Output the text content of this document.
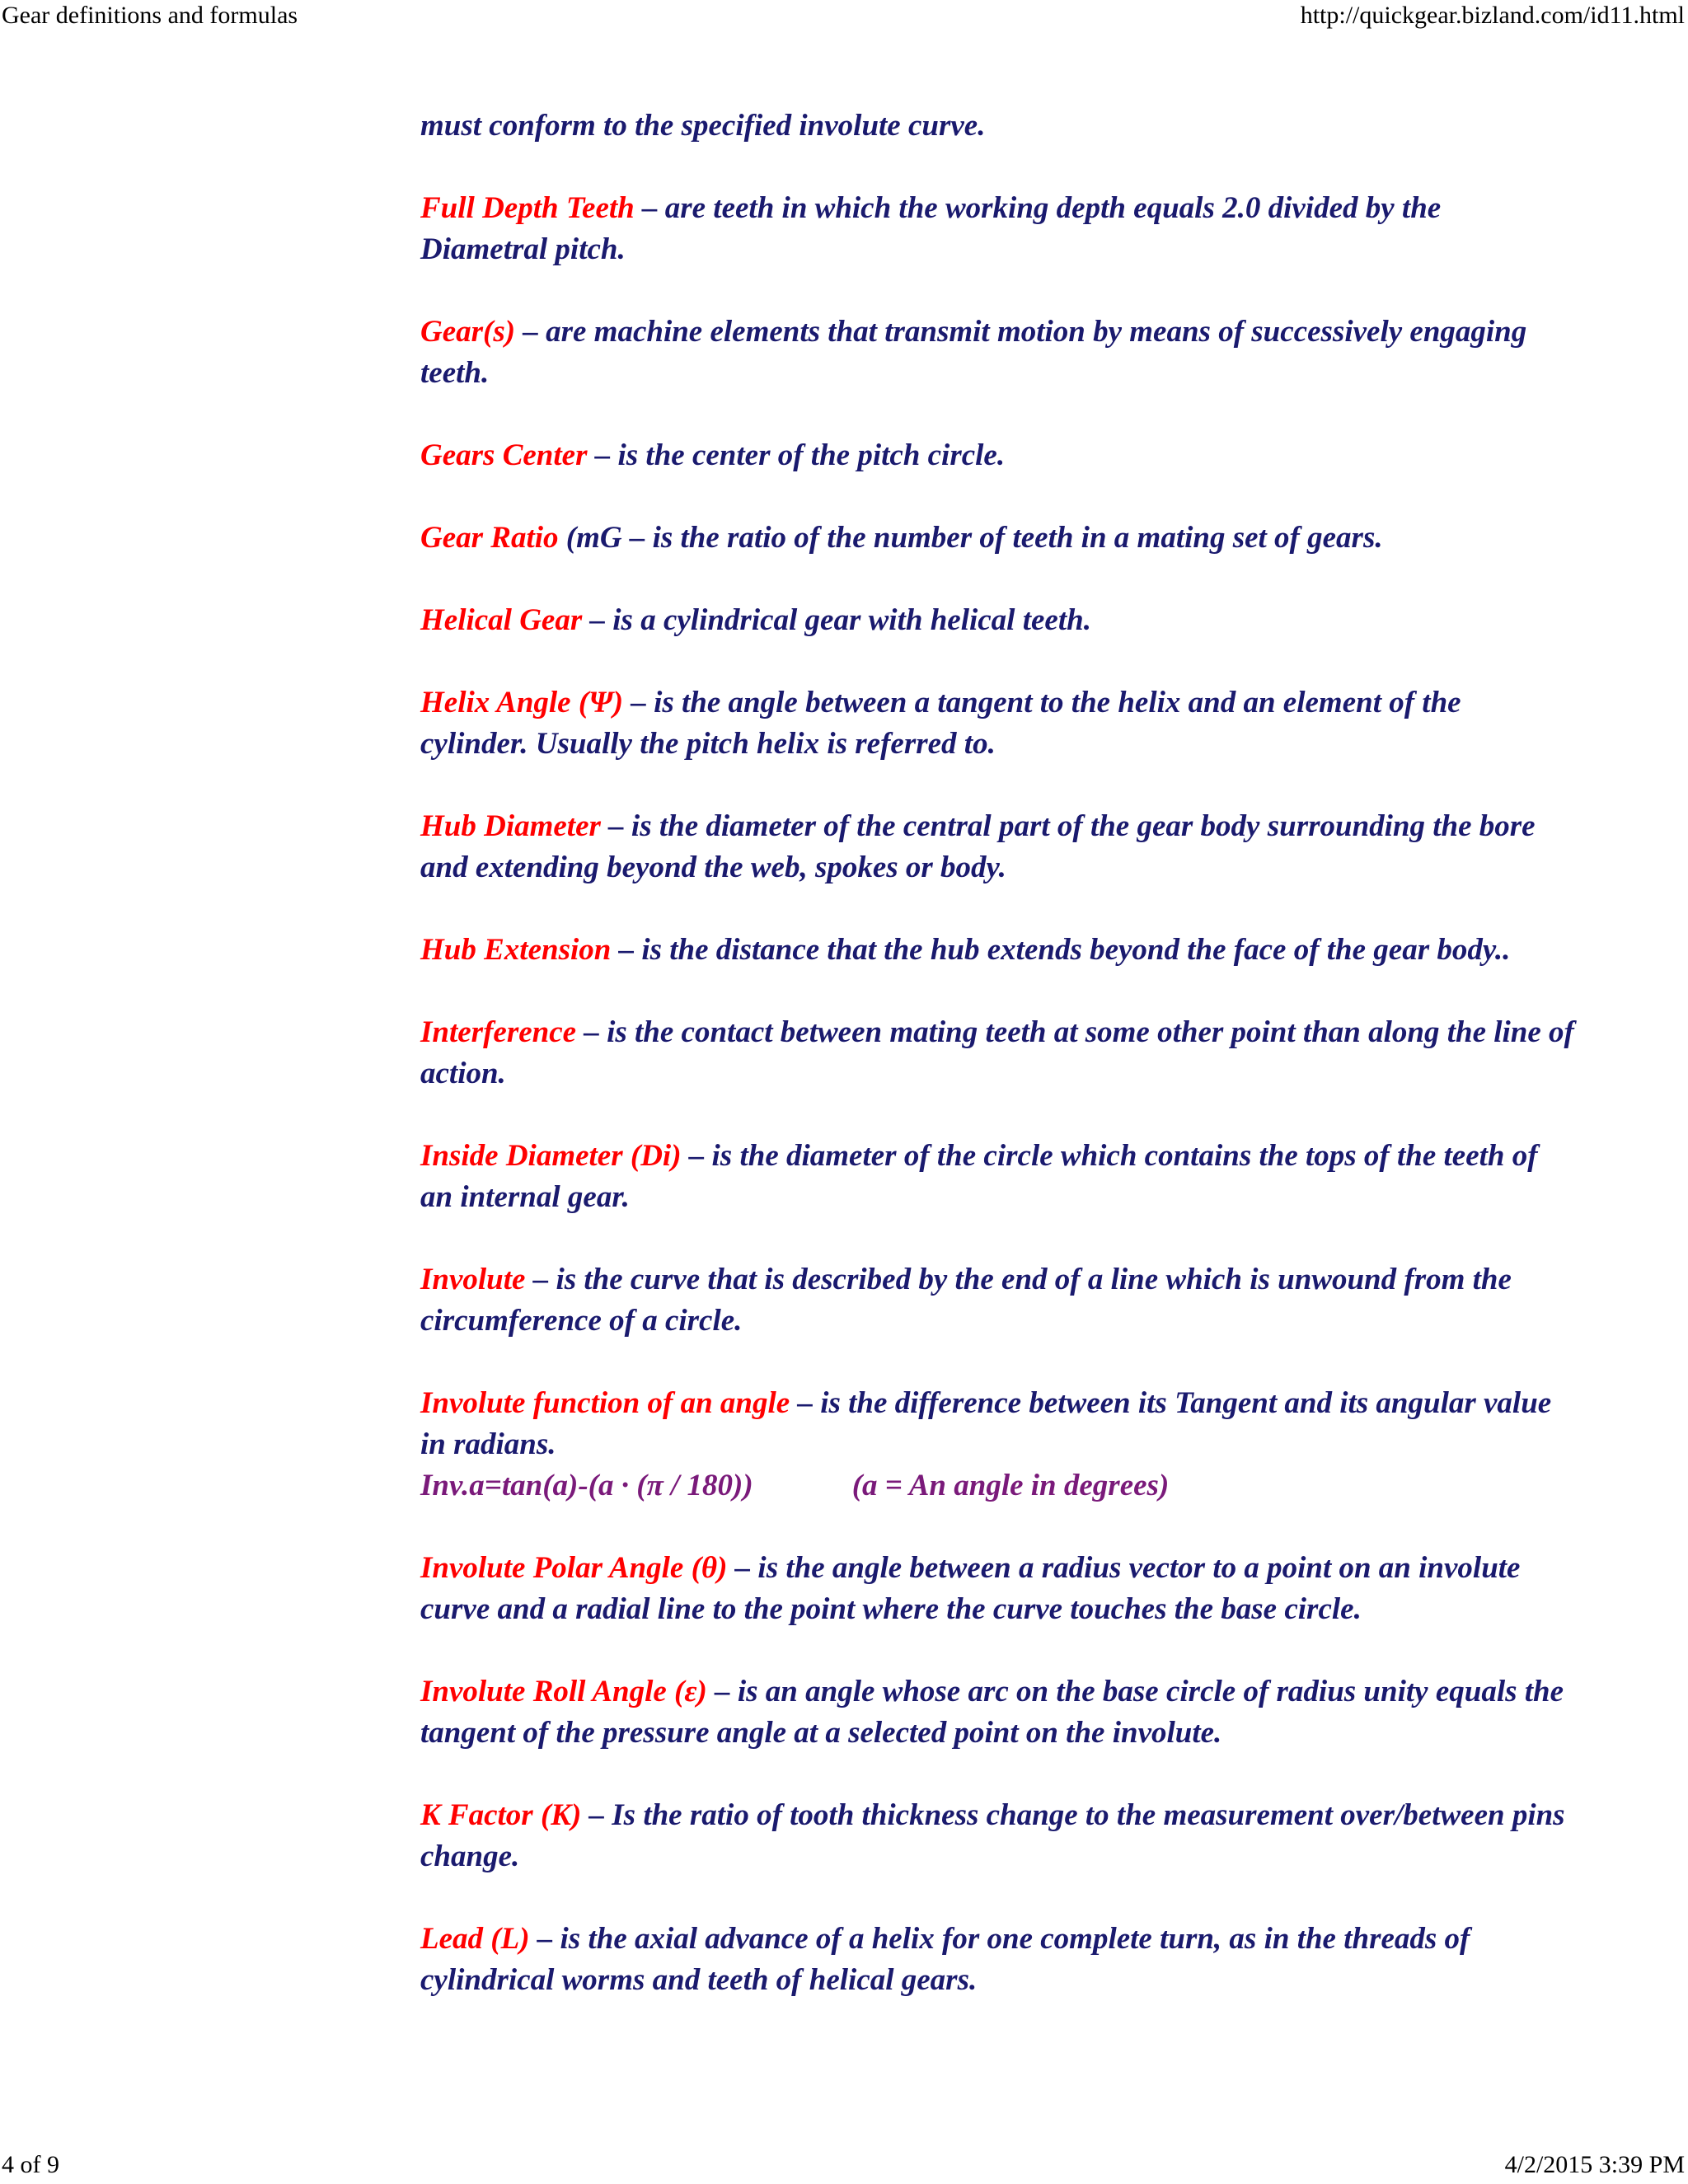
Gear definitions and formulas	http://quickgear.bizland.com/id11.html

must conform to the specified involute curve.

Full Depth Teeth – are teeth in which the working depth equals 2.0 divided by the Diametral pitch.

Gear(s) – are machine elements that transmit motion by means of successively engaging teeth.

Gears Center – is the center of the pitch circle.

Gear Ratio (mG – is the ratio of the number of teeth in a mating set of gears.

Helical Gear – is a cylindrical gear with helical teeth.

Helix Angle (Ψ) – is the angle between a tangent to the helix and an element of the cylinder. Usually the pitch helix is referred to.

Hub Diameter – is the diameter of the central part of the gear body surrounding the bore and extending beyond the web, spokes or body.

Hub Extension – is the distance that the hub extends beyond the face of the gear body..

Interference – is the contact between mating teeth at some other point than along the line of action.

Inside Diameter (Di) – is the diameter of the circle which contains the tops of the teeth of an internal gear.

Involute – is the curve that is described by the end of a line which is unwound from the circumference of a circle.

Involute function of an angle – is the difference between its Tangent and its angular value in radians.
Inv.a=tan(a)-(a · (π / 180))	(a = An angle in degrees)

Involute Polar Angle (θ) – is the angle between a radius vector to a point on an involute curve and a radial line to the point where the curve touches the base circle.

Involute Roll Angle (ε) – is an angle whose arc on the base circle of radius unity equals the tangent of the pressure angle at a selected point on the involute.

K Factor (K) – Is the ratio of tooth thickness change to the measurement over/between pins change.

Lead (L) – is the axial advance of a helix for one complete turn, as in the threads of cylindrical worms and teeth of helical gears.

4 of 9	4/2/2015 3:39 PM
